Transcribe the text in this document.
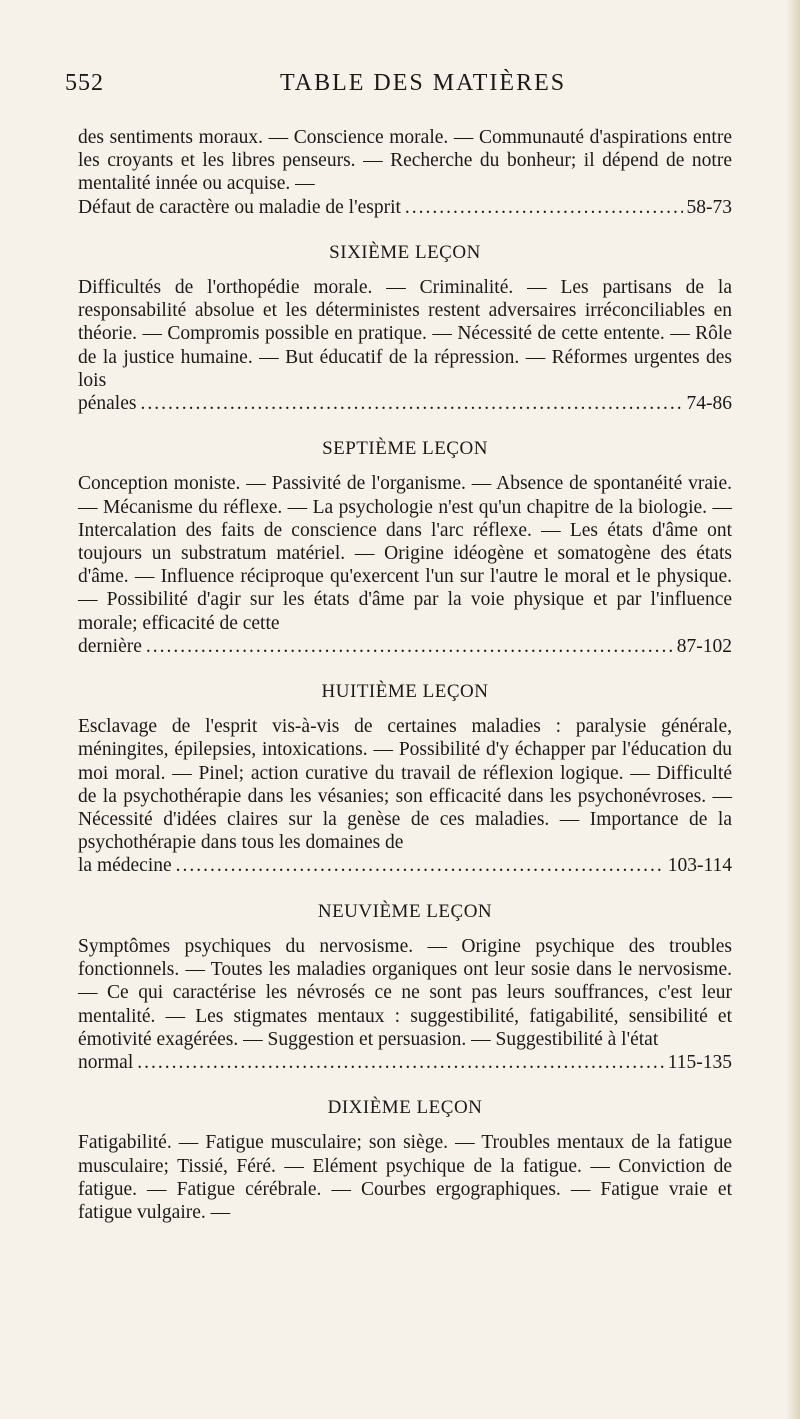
552	TABLE DES MATIÈRES

des sentiments moraux. — Conscience morale. — Communauté d'aspirations entre les croyants et les libres penseurs. — Recherche du bonheur; il dépend de notre mentalité innée ou acquise. —

Défaut de caractère ou maladie de l'esprit .....	58-73

SIXIÈME LEÇON

Difficultés de l'orthopédie morale. — Criminalité. — Les partisans de la responsabilité absolue et les déterministes restent adversaires irréconciliables en théorie. — Compromis possible en pratique. — Nécessité de cette entente. — Rôle de la justice humaine. — But éducatif de la répression. — Réformes urgentes des lois

pénales .....	74-86

SEPTIÈME LEÇON

Conception moniste. — Passivité de l'organisme. — Absence de spontanéité vraie. — Mécanisme du réflexe. — La psychologie n'est qu'un chapitre de la biologie. — Intercalation des faits de conscience dans l'arc réflexe. — Les états d'âme ont toujours un substratum matériel. — Origine idéogène et somatogène des états d'âme. — Influence réciproque qu'exercent l'un sur l'autre le moral et le physique. — Possibilité d'agir sur les états d'âme par la voie physique et par l'influence morale; efficacité de cette

dernière .....	87-102

HUITIÈME LEÇON

Esclavage de l'esprit vis-à-vis de certaines maladies : paralysie générale, méningites, épilepsies, intoxications. — Possibilité d'y échapper par l'éducation du moi moral. — Pinel; action curative du travail de réflexion logique. — Difficulté de la psychothérapie dans les vésanies; son efficacité dans les psychonévroses. — Nécessité d'idées claires sur la genèse de ces maladies. — Importance de la psychothérapie dans tous les domaines de

la médecine .....	103-114

NEUVIÈME LEÇON

Symptômes psychiques du nervosisme. — Origine psychique des troubles fonctionnels. — Toutes les maladies organiques ont leur sosie dans le nervosisme. — Ce qui caractérise les névrosés ce ne sont pas leurs souffrances, c'est leur mentalité. — Les stigmates mentaux : suggestibilité, fatigabilité, sensibilité et émotivité exagérées. — Suggestion et persuasion. — Suggestibilité à l'état

normal .....	115-135

DIXIÈME LEÇON

Fatigabilité. — Fatigue musculaire; son siège. — Troubles mentaux de la fatigue musculaire; Tissié, Féré. — Elément psychique de la fatigue. — Conviction de fatigue. — Fatigue cérébrale. — Courbes ergographiques. — Fatigue vraie et fatigue vulgaire. —
